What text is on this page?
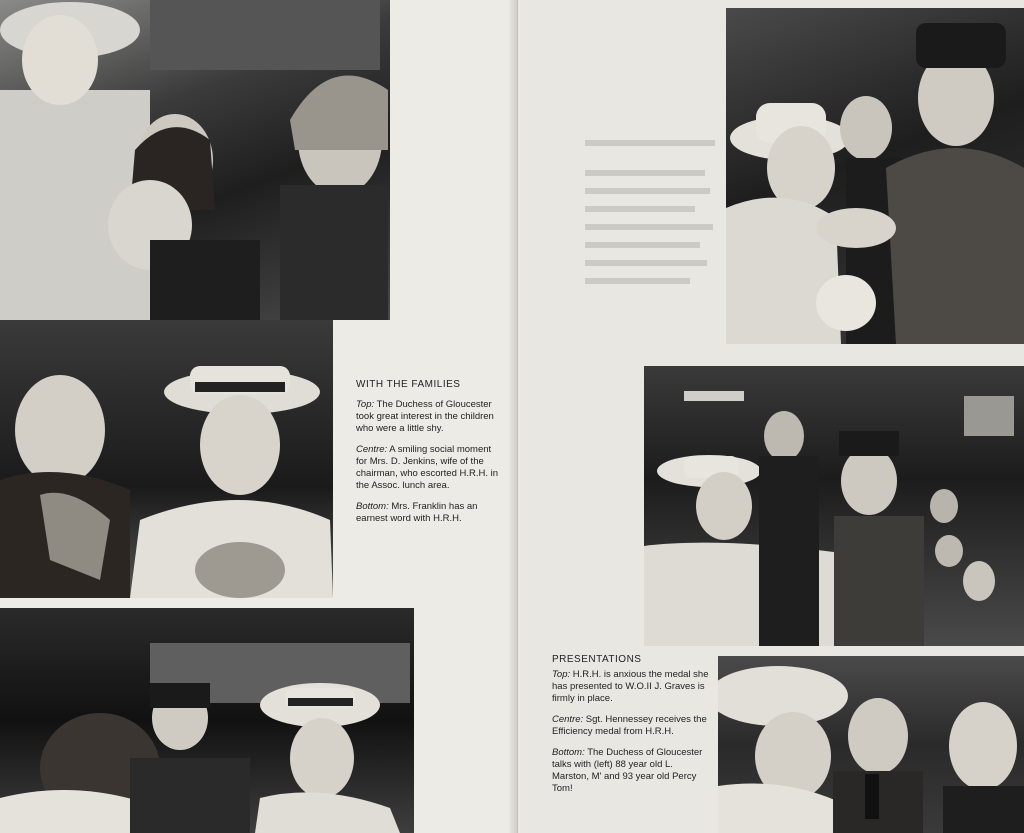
WITH THE FAMILIES

Top: The Duchess of Gloucester took great interest in the children who were a little shy.

Centre: A smiling social moment for Mrs. D. Jenkins, wife of the chairman, who escorted H.R.H. in the Assoc. lunch area.

Bottom: Mrs. Franklin has an earnest word with H.R.H.

PRESENTATIONS

Top: H.R.H. is anxious the medal she has presented to W.O.II J. Graves is firmly in place.

Centre: Sgt. Hennessey receives the Efficiency medal from H.R.H.

Bottom: The Duchess of Gloucester talks with (left) 88 year old L. Marston, M' and 93 year old Percy Tom!
